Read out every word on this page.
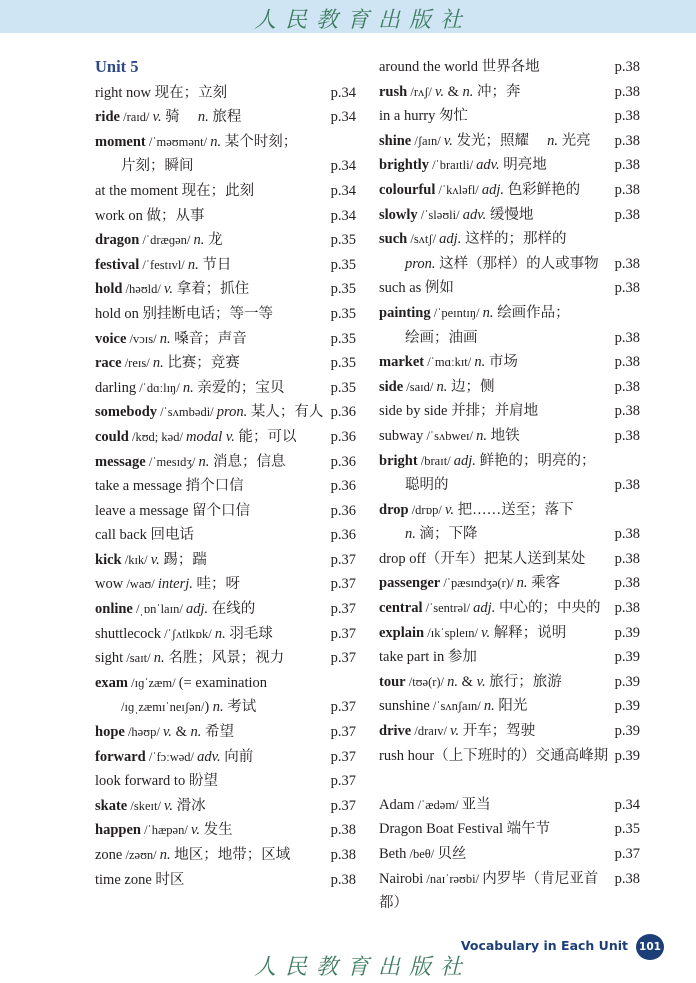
人民教育出版社
Unit 5
right now 现在；立刻	p.34
ride /raɪd/ v. 骑　 n. 旅程	p.34
moment /ˈməʊmənt/ n. 某个时刻；
片刻；瞬间	p.34
at the moment 现在；此刻	p.34
work on 做；从事	p.34
dragon /ˈdræɡən/ n. 龙	p.35
festival /ˈfestɪvl/ n. 节日	p.35
hold /həʊld/ v. 拿着；抓住	p.35
hold on 别挂断电话；等一等	p.35
voice /vɔɪs/ n. 嗓音；声音	p.35
race /reɪs/ n. 比赛；竞赛	p.35
darling /ˈdɑːlɪŋ/ n. 亲爱的；宝贝	p.35
somebody /ˈsʌmbədi/ pron. 某人；有人 p.36
could /kʊd; kəd/ modal v. 能；可以	p.36
message /ˈmesɪdʒ/ n. 消息；信息	p.36
take a message 捎个口信	p.36
leave a message 留个口信	p.36
call back 回电话	p.36
kick /kɪk/ v. 踢；踹	p.37
wow /waʊ/ interj. 哇；呀	p.37
online /ˌɒnˈlaɪn/ adj. 在线的	p.37
shuttlecock /ˈʃʌtlkɒk/ n. 羽毛球	p.37
sight /saɪt/ n. 名胜；风景；视力	p.37
exam /ɪɡˈzæm/ (= examination
/ɪɡˌzæmɪˈneɪʃən/) n. 考试	p.37
hope /həʊp/ v. & n. 希望	p.37
forward /ˈfɔːwəd/ adv. 向前	p.37
look forward to 盼望	p.37
skate /skeɪt/ v. 滑冰	p.37
happen /ˈhæpən/ v. 发生	p.38
zone /zəʊn/ n. 地区；地带；区域	p.38
time zone 时区	p.38
around the world 世界各地	p.38
rush /rʌʃ/ v. & n. 冲；奔	p.38
in a hurry 匆忙	p.38
shine /ʃaɪn/ v. 发光；照耀　 n. 光亮	p.38
brightly /ˈbraɪtli/ adv. 明亮地	p.38
colourful /ˈkʌləfl/ adj. 色彩鲜艳的	p.38
slowly /ˈsləʊli/ adv. 缓慢地	p.38
such /sʌtʃ/ adj. 这样的；那样的
pron. 这样（那样）的人或事物	p.38
such as 例如	p.38
painting /ˈpeɪntɪŋ/ n. 绘画作品；
绘画；油画	p.38
market /ˈmɑːkɪt/ n. 市场	p.38
side /saɪd/ n. 边；侧	p.38
side by side 并排；并肩地	p.38
subway /ˈsʌbweɪ/ n. 地铁	p.38
bright /braɪt/ adj. 鲜艳的；明亮的；
聪明的	p.38
drop /drɒp/ v. 把……送至；落下
n. 滴；下降	p.38
drop off（开车）把某人送到某处	p.38
passenger /ˈpæsɪndʒə(r)/ n. 乘客	p.38
central /ˈsentrəl/ adj. 中心的；中央的 p.38
explain /ɪkˈspleɪn/ v. 解释；说明	p.39
take part in 参加	p.39
tour /tʊə(r)/ n. & v. 旅行；旅游	p.39
sunshine /ˈsʌnʃaɪn/ n. 阳光	p.39
drive /draɪv/ v. 开车；驾驶	p.39
rush hour（上下班时的）交通高峰期 p.39
Adam /ˈædəm/ 亚当	p.34
Dragon Boat Festival 端午节	p.35
Beth /beθ/ 贝丝	p.37
Nairobi /naɪˈrəʊbi/ 内罗毕（肯尼亚首都）
p.38
Vocabulary in Each Unit 101
人民教育出版社
